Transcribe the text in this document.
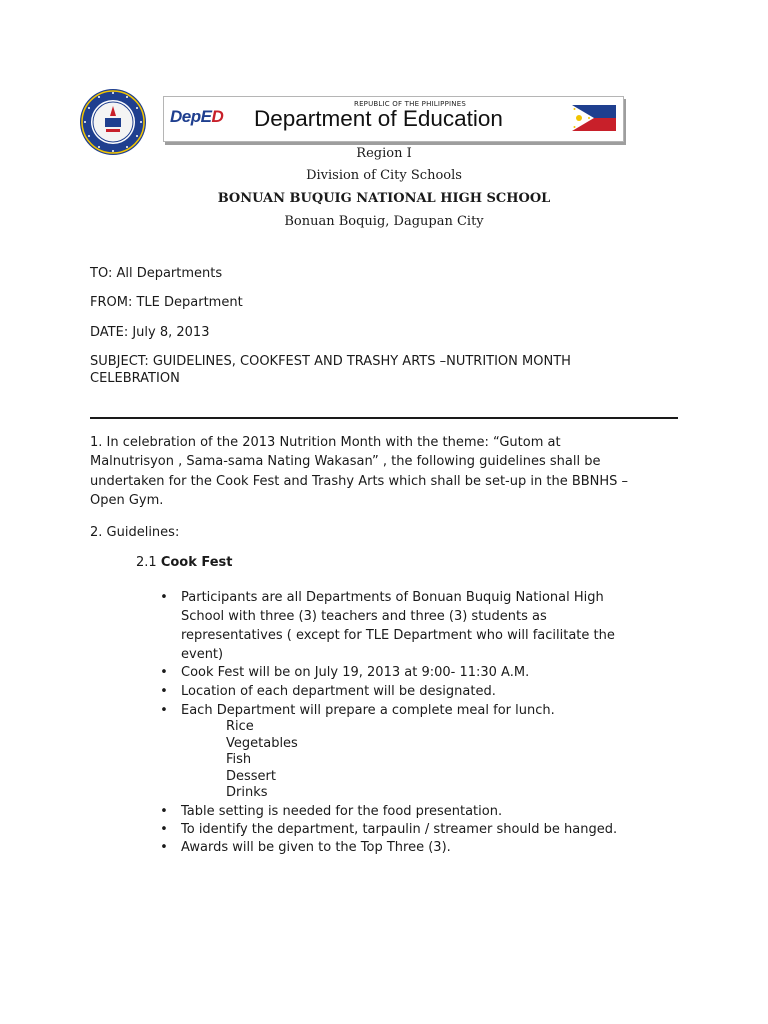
REPUBLIC OF THE PHILIPPINES
DepED Department of Education
Region I
Division of City Schools
BONUAN BUQUIG NATIONAL HIGH SCHOOL
Bonuan Boquig, Dagupan City
TO: All Departments
FROM: TLE Department
DATE: July 8, 2013
SUBJECT: GUIDELINES, COOKFEST AND TRASHY ARTS –NUTRITION MONTH
CELEBRATION
1. In celebration of the 2013 Nutrition Month with the theme: “Gutom at
Malnutrisyon , Sama-sama Nating Wakasan” , the following guidelines shall be
undertaken for the Cook Fest and Trashy Arts which shall be set-up in the BBNHS –
Open Gym.
2. Guidelines:
2.1 Cook Fest
• Participants are all Departments of Bonuan Buquig National High
School with three (3) teachers and three (3) students as
representatives ( except for TLE Department who will facilitate the
event)
• Cook Fest will be on July 19, 2013 at 9:00- 11:30 A.M.
• Location of each department will be designated.
• Each Department will prepare a complete meal for lunch.
Rice
Vegetables
Fish
Dessert
Drinks
• Table setting is needed for the food presentation.
• To identify the department, tarpaulin / streamer should be hanged.
• Awards will be given to the Top Three (3).
